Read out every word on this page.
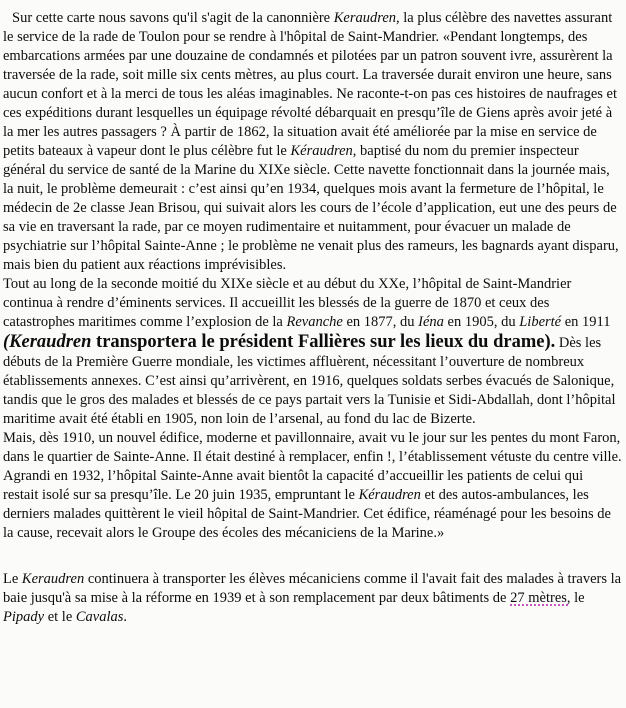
Sur cette carte nous savons qu'il s'agit de la canonnière Keraudren, la plus célèbre des navettes assurant le service de la rade de Toulon pour se rendre à l'hôpital de Saint-Mandrier. «Pendant longtemps, des embarcations armées par une douzaine de condamnés et pilotées par un patron souvent ivre, assurèrent la traversée de la rade, soit mille six cents mètres, au plus court. La traversée durait environ une heure, sans aucun confort et à la merci de tous les aléas imaginables. Ne raconte-t-on pas ces histoires de naufrages et ces expéditions durant lesquelles un équipage révolté débarquait en presqu’île de Giens après avoir jeté à la mer les autres passagers ? À partir de 1862, la situation avait été améliorée par la mise en service de petits bateaux à vapeur dont le plus célèbre fut le Kéraudren, baptisé du nom du premier inspecteur général du service de santé de la Marine du XIXe siècle. Cette navette fonctionnait dans la journée mais, la nuit, le problème demeurait : c’est ainsi qu’en 1934, quelques mois avant la fermeture de l’hôpital, le médecin de 2e classe Jean Brisou, qui suivait alors les cours de l’école d’application, eut une des peurs de sa vie en traversant la rade, par ce moyen rudimentaire et nuitamment, pour évacuer un malade de psychiatrie sur l’hôpital Sainte-Anne ; le problème ne venait plus des rameurs, les bagnards ayant disparu, mais bien du patient aux réactions imprévisibles.

Tout au long de la seconde moitié du XIXe siècle et au début du XXe, l’hôpital de Saint-Mandrier continua à rendre d’éminents services. Il accueillit les blessés de la guerre de 1870 et ceux des catastrophes maritimes comme l’explosion de la Revanche en 1877, du Iéna en 1905, du Liberté en 1911 (Keraudren transportera le président Fallières sur les lieux du drame). Dès les débuts de la Première Guerre mondiale, les victimes affluèrent, nécessitant l’ouverture de nombreux établissements annexes. C’est ainsi qu’arrivèrent, en 1916, quelques soldats serbes évacués de Salonique, tandis que le gros des malades et blessés de ce pays partait vers la Tunisie et Sidi-Abdallah, dont l’hôpital maritime avait été établi en 1905, non loin de l’arsenal, au fond du lac de Bizerte.

Mais, dès 1910, un nouvel édifice, moderne et pavillonnaire, avait vu le jour sur les pentes du mont Faron, dans le quartier de Sainte-Anne. Il était destiné à remplacer, enfin !, l’établissement vétuste du centre ville. Agrandi en 1932, l’hôpital Sainte-Anne avait bientôt la capacité d’accueillir les patients de celui qui restait isolé sur sa presqu’île. Le 20 juin 1935, empruntant le Kéraudren et des autos-ambulances, les derniers malades quittèrent le vieil hôpital de Saint-Mandrier. Cet édifice, réaménagé pour les besoins de la cause, recevait alors le Groupe des écoles des mécaniciens de la Marine.»

Le Keraudren continuera à transporter les élèves mécaniciens comme il l'avait fait des malades à travers la baie jusqu'à sa mise à la réforme en 1939 et à son remplacement par deux bâtiments de 27 mètres, le Pipady et le Cavalas.
